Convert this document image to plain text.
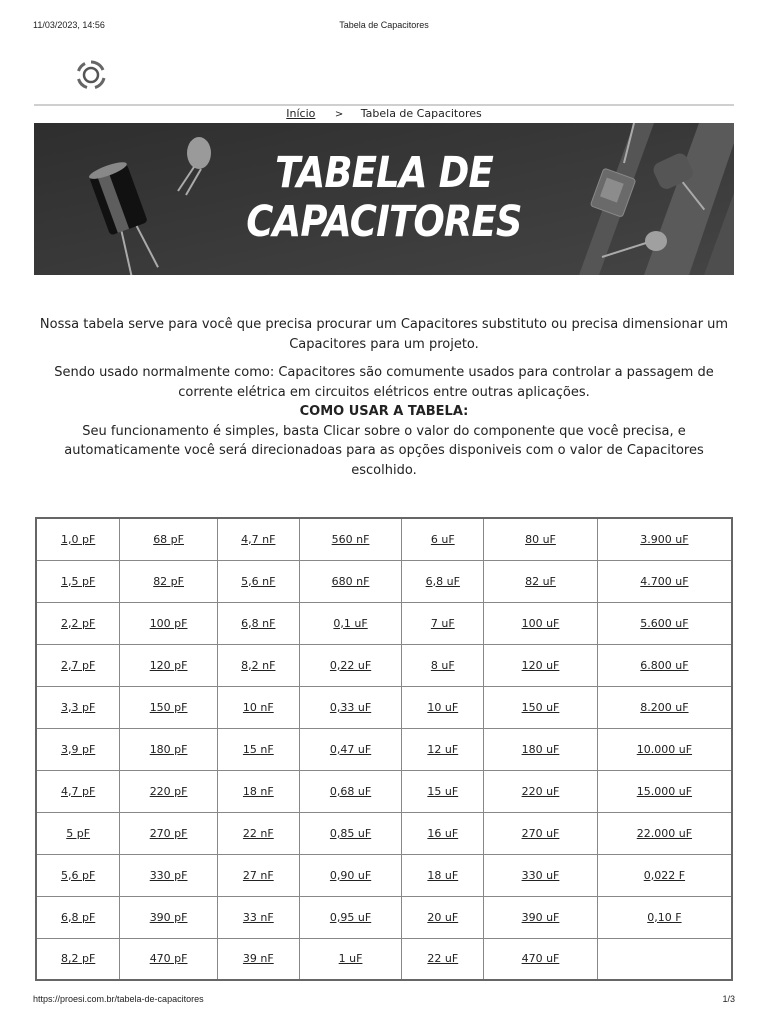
11/03/2023, 14:56	Tabela de Capacitores
Início > Tabela de Capacitores
TABELA DE
CAPACITORES

Nossa tabela serve para você que precisa procurar um Capacitores substituto ou precisa dimensionar um Capacitores para um projeto.

Sendo usado normalmente como: Capacitores são comumente usados para controlar a passagem de corrente elétrica em circuitos elétricos entre outras aplicações.

COMO USAR A TABELA:

Seu funcionamento é simples, basta Clicar sobre o valor do componente que você precisa, e automaticamente você será direcionadoas para as opções disponiveis com o valor de Capacitores escolhido.

1,0 pF	68 pF	4,7 nF	560 nF	6 uF	80 uF	3.900 uF
1,5 pF	82 pF	5,6 nF	680 nF	6,8 uF	82 uF	4.700 uF
2,2 pF	100 pF	6,8 nF	0,1 uF	7 uF	100 uF	5.600 uF
2,7 pF	120 pF	8,2 nF	0,22 uF	8 uF	120 uF	6.800 uF
3,3 pF	150 pF	10 nF	0,33 uF	10 uF	150 uF	8.200 uF
3,9 pF	180 pF	15 nF	0,47 uF	12 uF	180 uF	10.000 uF
4,7 pF	220 pF	18 nF	0,68 uF	15 uF	220 uF	15.000 uF
5 pF	270 pF	22 nF	0,85 uF	16 uF	270 uF	22.000 uF
5,6 pF	330 pF	27 nF	0,90 uF	18 uF	330 uF	0,022 F
6,8 pF	390 pF	33 nF	0,95 uF	20 uF	390 uF	0,10 F
8,2 pF	470 pF	39 nF	1 uF	22 uF	470 uF	
https://proesi.com.br/tabela-de-capacitores	1/3
